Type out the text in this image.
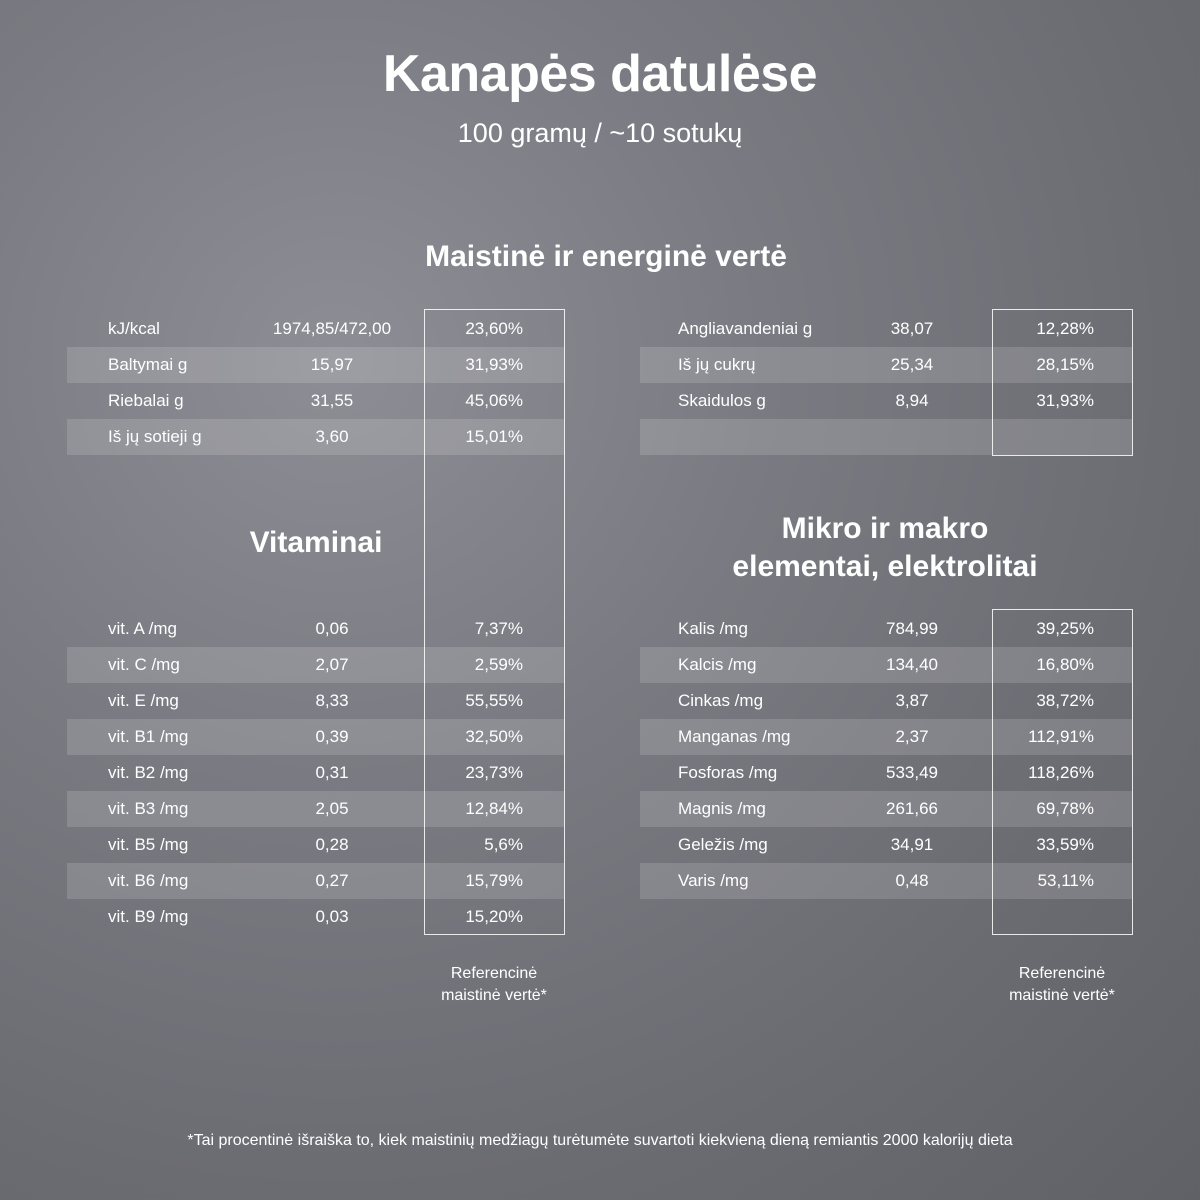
Kanapės datulėse
100 gramų / ~10 sotukų
Maistinė ir energinė vertė
kJ/kcal	1974,85/472,00	23,60%
Baltymai g	15,97	31,93%
Riebalai g	31,55	45,06%
Iš jų sotieji g	3,60	15,01%
Angliavandeniai g	38,07	12,28%
Iš jų cukrų	25,34	28,15%
Skaidulos g	8,94	31,93%
Vitaminai	Mikro ir makro
elementai, elektrolitai
vit. A /mg	0,06	7,37%
vit. C /mg	2,07	2,59%
vit. E /mg	8,33	55,55%
vit. B1 /mg	0,39	32,50%
vit. B2 /mg	0,31	23,73%
vit. B3 /mg	2,05	12,84%
vit. B5 /mg	0,28	5,6%
vit. B6 /mg	0,27	15,79%
vit. B9 /mg	0,03	15,20%
Kalis /mg	784,99	39,25%
Kalcis /mg	134,40	16,80%
Cinkas /mg	3,87	38,72%
Manganas /mg	2,37	112,91%
Fosforas /mg	533,49	118,26%
Magnis /mg	261,66	69,78%
Geležis /mg	34,91	33,59%
Varis /mg	0,48	53,11%
Referencinė
maistinė vertė*
Referencinė
maistinė vertė*
*Tai procentinė išraiška to, kiek maistinių medžiagų turėtumėte suvartoti kiekvieną dieną remiantis 2000 kalorijų dieta
